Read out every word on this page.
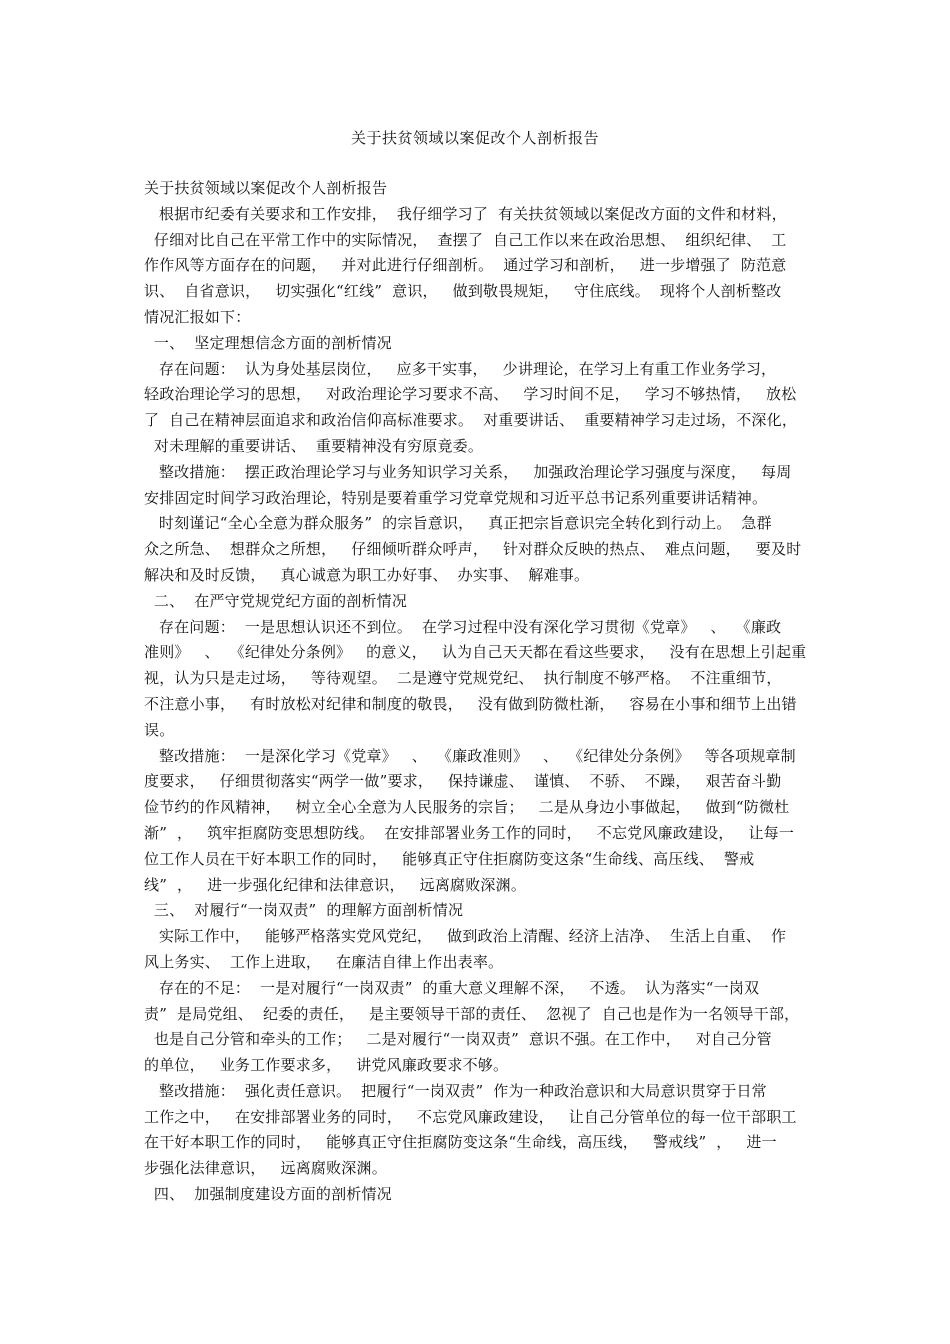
关于扶贫领域以案促改个人剖析报告
关于扶贫领域以案促改个人剖析报告
根据市纪委有关要求和工作安排，  我仔细学习了  有关扶贫领域以案促改方面的文件和材料，
仔细对比自己在平常工作中的实际情况，  查摆了  自己工作以来在政治思想、  组织纪律、  工
作作风等方面存在的问题，   并对此进行仔细剖析。  通过学习和剖析，   进一步增强了  防范意
识、  自省意识，   切实强化“红线”  意识，   做到敬畏规矩，   守住底线。  现将个人剖析整改
情况汇报如下：
一、  坚定理想信念方面的剖析情况
存在问题：  认为身处基层岗位，   应多干实事，   少讲理论，在学习上有重工作业务学习，
轻政治理论学习的思想，   对政治理论学习要求不高、   学习时间不足，   学习不够热情，   放松
了  自己在精神层面追求和政治信仰高标准要求。  对重要讲话、  重要精神学习走过场，不深化，
对未理解的重要讲话、  重要精神没有穷原竟委。
整改措施：  摆正政治理论学习与业务知识学习关系，   加强政治理论学习强度与深度，   每周
安排固定时间学习政治理论，特别是要着重学习党章党规和习近平总书记系列重要讲话精神。
时刻谨记“全心全意为群众服务”  的宗旨意识，   真正把宗旨意识完全转化到行动上。  急群
众之所急、  想群众之所想，   仔细倾听群众呼声，   针对群众反映的热点、  难点问题，   要及时
解决和及时反馈，   真心诚意为职工办好事、  办实事、  解难事。
二、  在严守党规党纪方面的剖析情况
存在问题：  一是思想认识还不到位。  在学习过程中没有深化学习贯彻《党章》   、  《廉政
准则》   、  《纪律处分条例》   的意义，   认为自己天天都在看这些要求，   没有在思想上引起重
视，认为只是走过场，   等待观望。  二是遵守党规党纪、  执行制度不够严格。  不注重细节，
不注意小事，   有时放松对纪律和制度的敬畏，   没有做到防微杜渐，   容易在小事和细节上出错
误。
整改措施：  一是深化学习《党章》   、  《廉政准则》   、  《纪律处分条例》   等各项规章制
度要求，   仔细贯彻落实“两学一做”要求，   保持谦虚、  谨慎、  不骄、  不躁，   艰苦奋斗勤
俭节约的作风精神，   树立全心全意为人民服务的宗旨；   二是从身边小事做起，   做到“防微杜
渐”  ，   筑牢拒腐防变思想防线。  在安排部署业务工作的同时，   不忘党风廉政建设，   让每一
位工作人员在干好本职工作的同时，   能够真正守住拒腐防变这条“生命线、高压线、  警戒
线”  ，   进一步强化纪律和法律意识，   远离腐败深渊。
三、  对履行“一岗双责”  的理解方面剖析情况
实际工作中，   能够严格落实党风党纪，   做到政治上清醒、经济上洁净、  生活上自重、  作
风上务实、  工作上进取，   在廉洁自律上作出表率。
存在的不足：  一是对履行“一岗双责”  的重大意义理解不深，   不透。  认为落实“一岗双
责”  是局党组、  纪委的责任，   是主要领导干部的责任、  忽视了  自己也是作为一名领导干部，
也是自己分管和牵头的工作；   二是对履行“一岗双责”  意识不强。在工作中，   对自己分管
的单位，   业务工作要求多，   讲党风廉政要求不够。
整改措施：  强化责任意识。  把履行“一岗双责”  作为一种政治意识和大局意识贯穿于日常
工作之中，   在安排部署业务的同时，   不忘党风廉政建设，   让自己分管单位的每一位干部职工
在干好本职工作的同时，   能够真正守住拒腐防变这条“生命线，高压线，   警戒线”  ，   进一
步强化法律意识，   远离腐败深渊。
四、  加强制度建设方面的剖析情况
